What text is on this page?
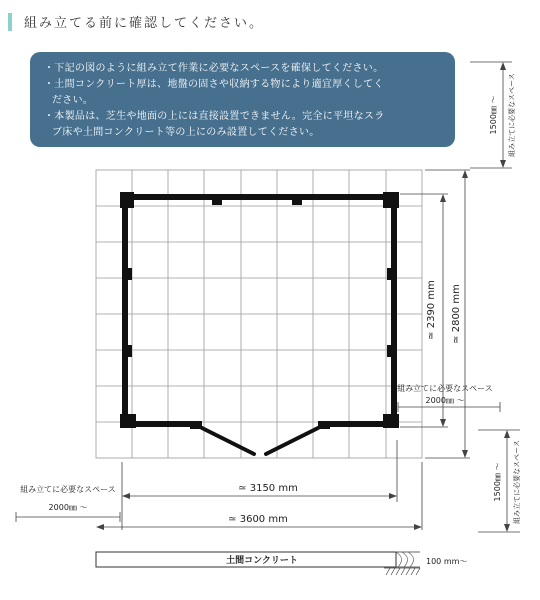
組み立てる前に確認してください。
・下記の図のように組み立て作業に必要なスペースを確保してください。
・土間コンクリート厚は、地盤の固さや収納する物により適宜厚くしてく
ださい。
・本製品は、芝生や地面の上には直接設置できません。完全に平坦なスラ
ブ床や土間コンクリート等の上にのみ設置してください。
≃ 3150 mm
≃ 3600 mm
≃ 2390 mm ≃ 2800 mm
1500㎜ ～ 組み立てに必要なスペース
組み立てに必要なスペース
2000㎜ ～
組み立てに必要なスペース
2000㎜ ～
1500㎜ ～ 組み立てに必要なスペース
土間コンクリート	100 mm～
